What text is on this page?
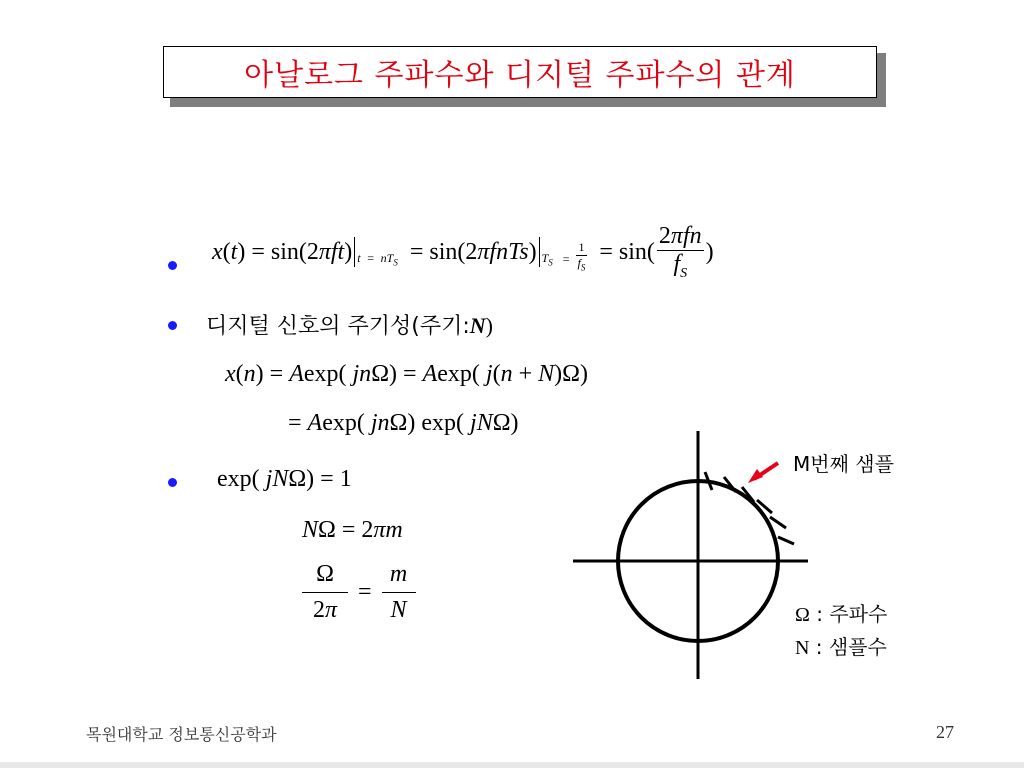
아날로그 주파수와 디지털 주파수의 관계
x ( t ) = sin(2 πft ) $t = nT_S = \sin(2$ πfnTs ) $T_S = \frac{1}{f_S} = \sin( \frac{\text{2πfn}}{f_S}$ )
디지털 신호의 주기성(주기:N)
x(n) = Aexp( jnΩ) = Aexp( j(n + N)Ω)
= Aexp( jnΩ) exp( jNΩ)
exp( jNΩ) = 1
NΩ = 2πm
$\frac{\Omega}{2\pi} = \frac{m}{N}$
M번째 샘플
Ω : 주파수
N : 샘플수
목원대학교 정보통신공학과	27
